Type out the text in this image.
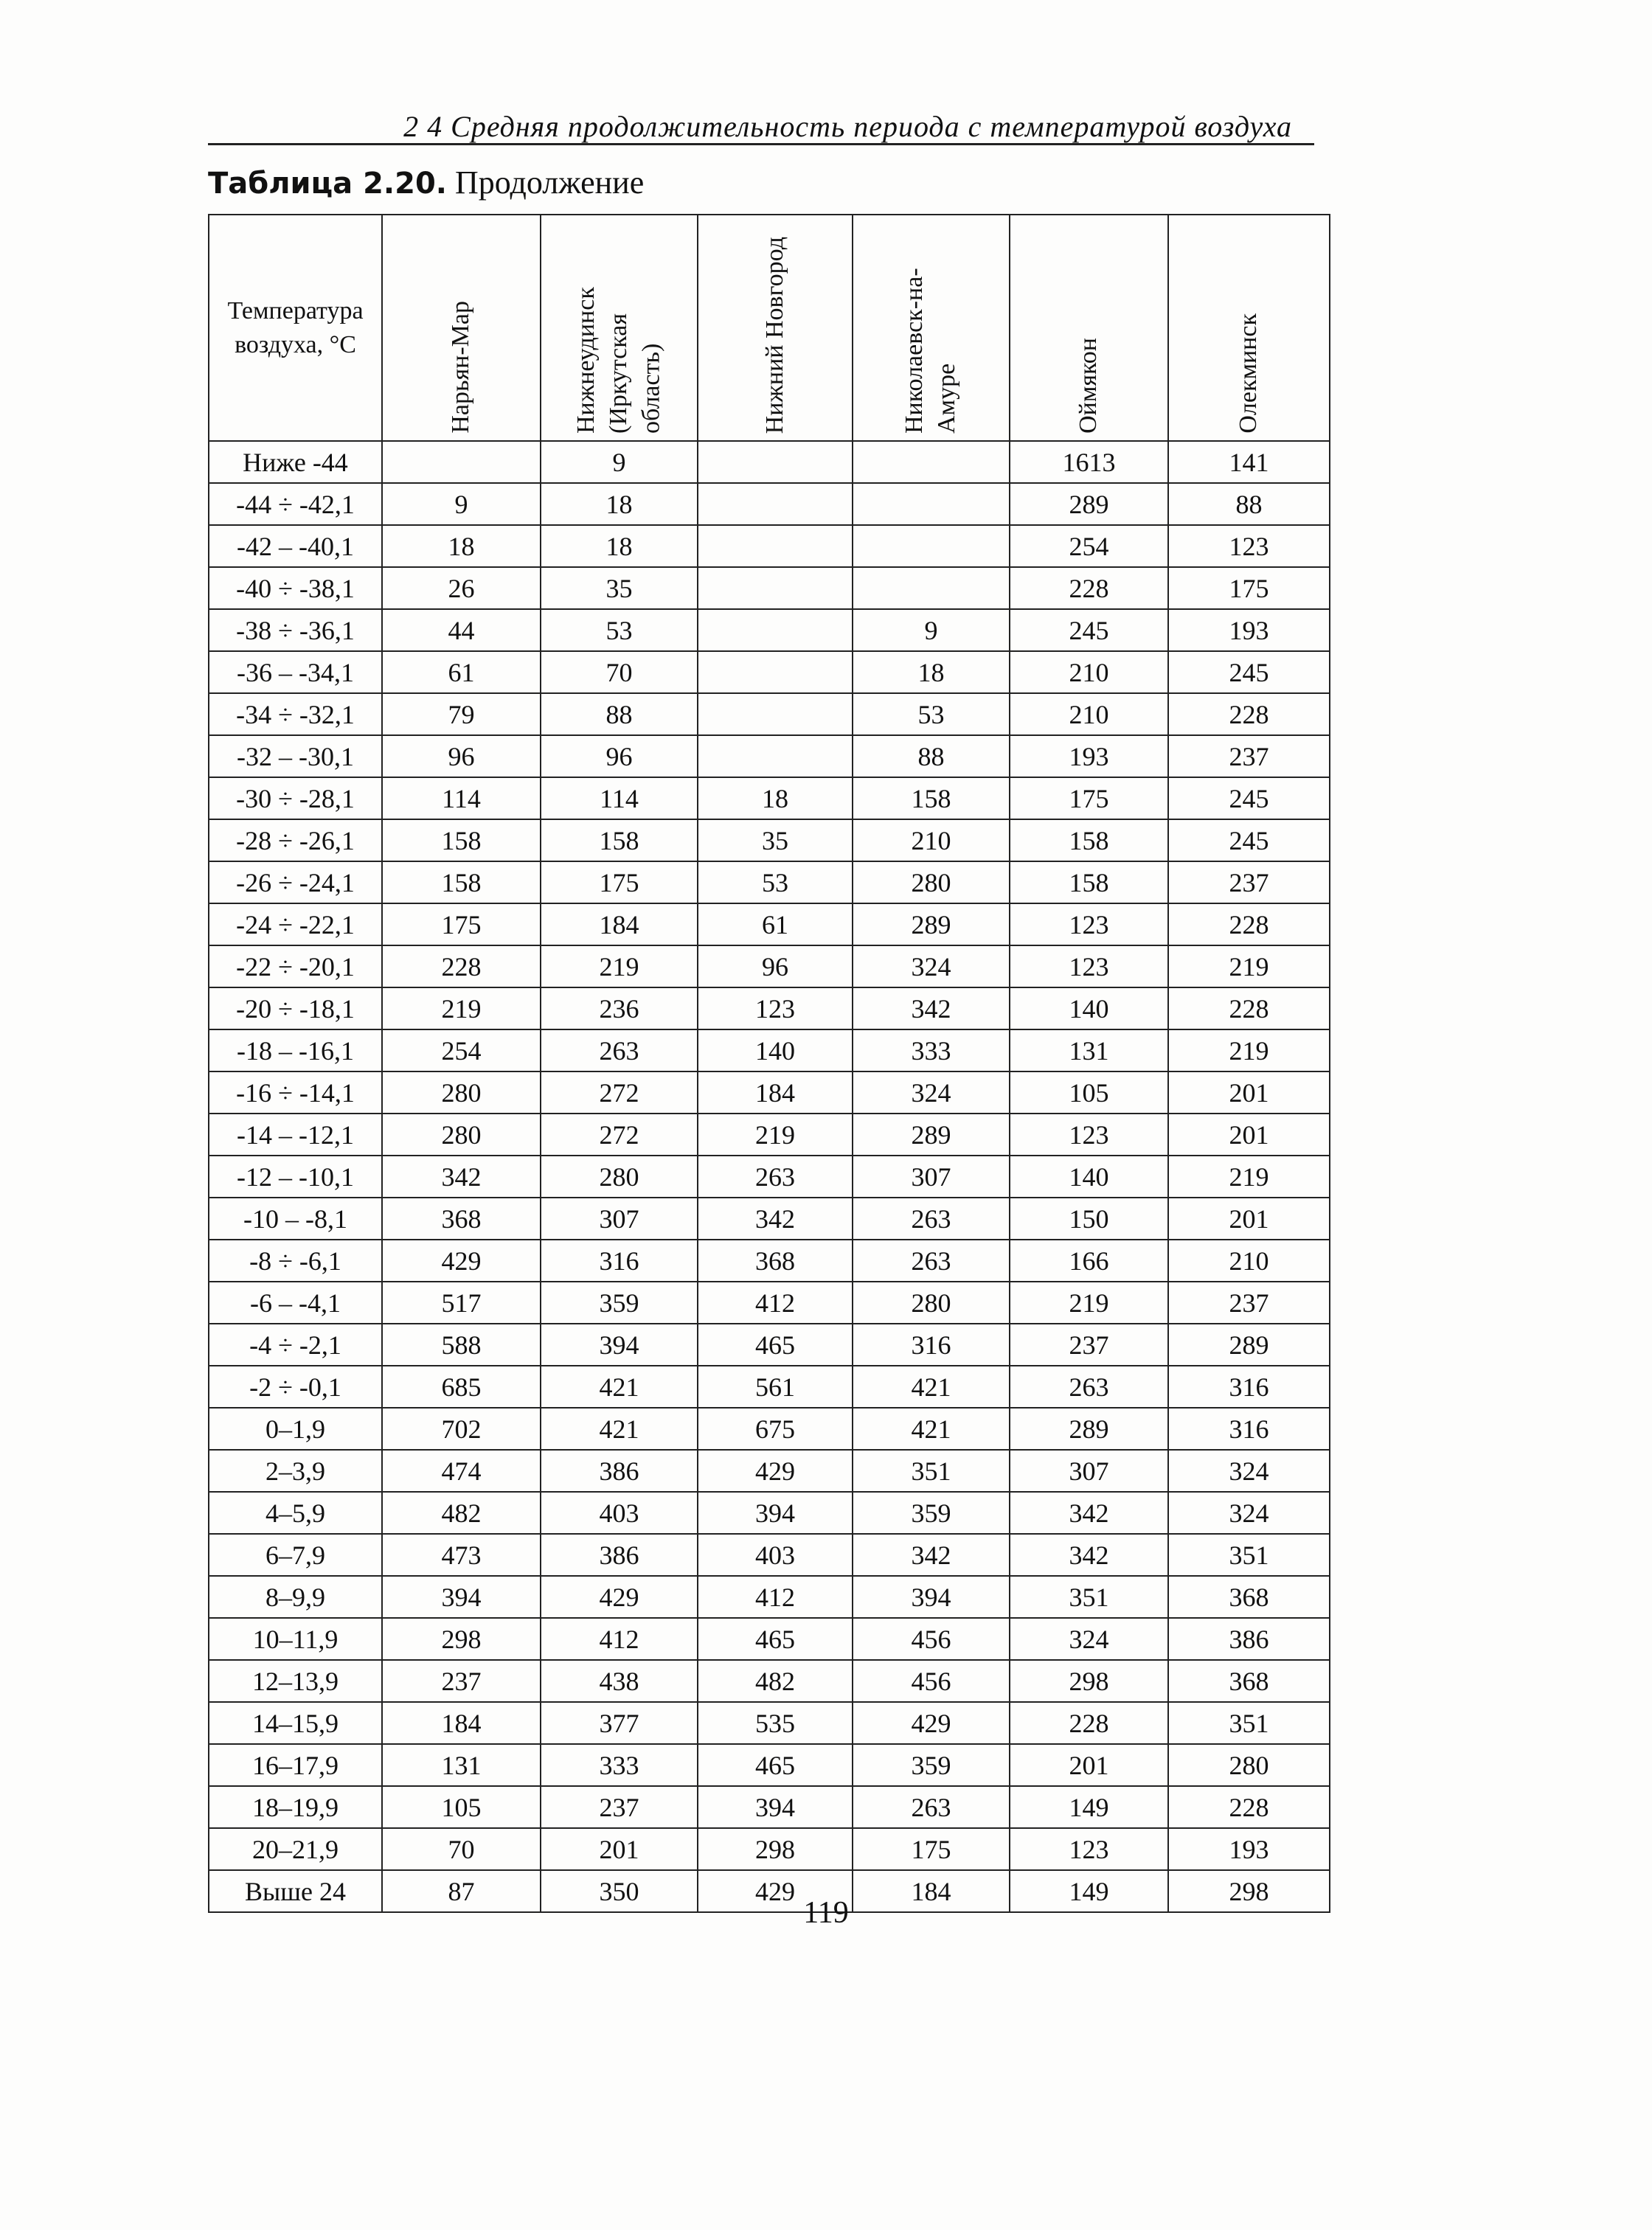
2 4 Средняя продолжительность периода с температурой воздуха
Таблица 2.20. Продолжение
Температура воздуха, °С	Нарьян-Мар	Нижнеудинск (Иркутская область)	Нижний Новгород	Николаевск-на-Амуре	Оймякон	Олекминск
Ниже -44		9			1613	141
-44 ÷ -42,1	9	18			289	88
-42 – -40,1	18	18			254	123
-40 ÷ -38,1	26	35			228	175
-38 ÷ -36,1	44	53		9	245	193
-36 – -34,1	61	70		18	210	245
-34 ÷ -32,1	79	88		53	210	228
-32 – -30,1	96	96		88	193	237
-30 ÷ -28,1	114	114	18	158	175	245
-28 ÷ -26,1	158	158	35	210	158	245
-26 ÷ -24,1	158	175	53	280	158	237
-24 ÷ -22,1	175	184	61	289	123	228
-22 ÷ -20,1	228	219	96	324	123	219
-20 ÷ -18,1	219	236	123	342	140	228
-18 – -16,1	254	263	140	333	131	219
-16 ÷ -14,1	280	272	184	324	105	201
-14 – -12,1	280	272	219	289	123	201
-12 – -10,1	342	280	263	307	140	219
-10 – -8,1	368	307	342	263	150	201
-8 ÷ -6,1	429	316	368	263	166	210
-6 – -4,1	517	359	412	280	219	237
-4 ÷ -2,1	588	394	465	316	237	289
-2 ÷ -0,1	685	421	561	421	263	316
0–1,9	702	421	675	421	289	316
2–3,9	474	386	429	351	307	324
4–5,9	482	403	394	359	342	324
6–7,9	473	386	403	342	342	351
8–9,9	394	429	412	394	351	368
10–11,9	298	412	465	456	324	386
12–13,9	237	438	482	456	298	368
14–15,9	184	377	535	429	228	351
16–17,9	131	333	465	359	201	280
18–19,9	105	237	394	263	149	228
20–21,9	70	201	298	175	123	193
Выше 24	87	350	429	184	149	298
119
